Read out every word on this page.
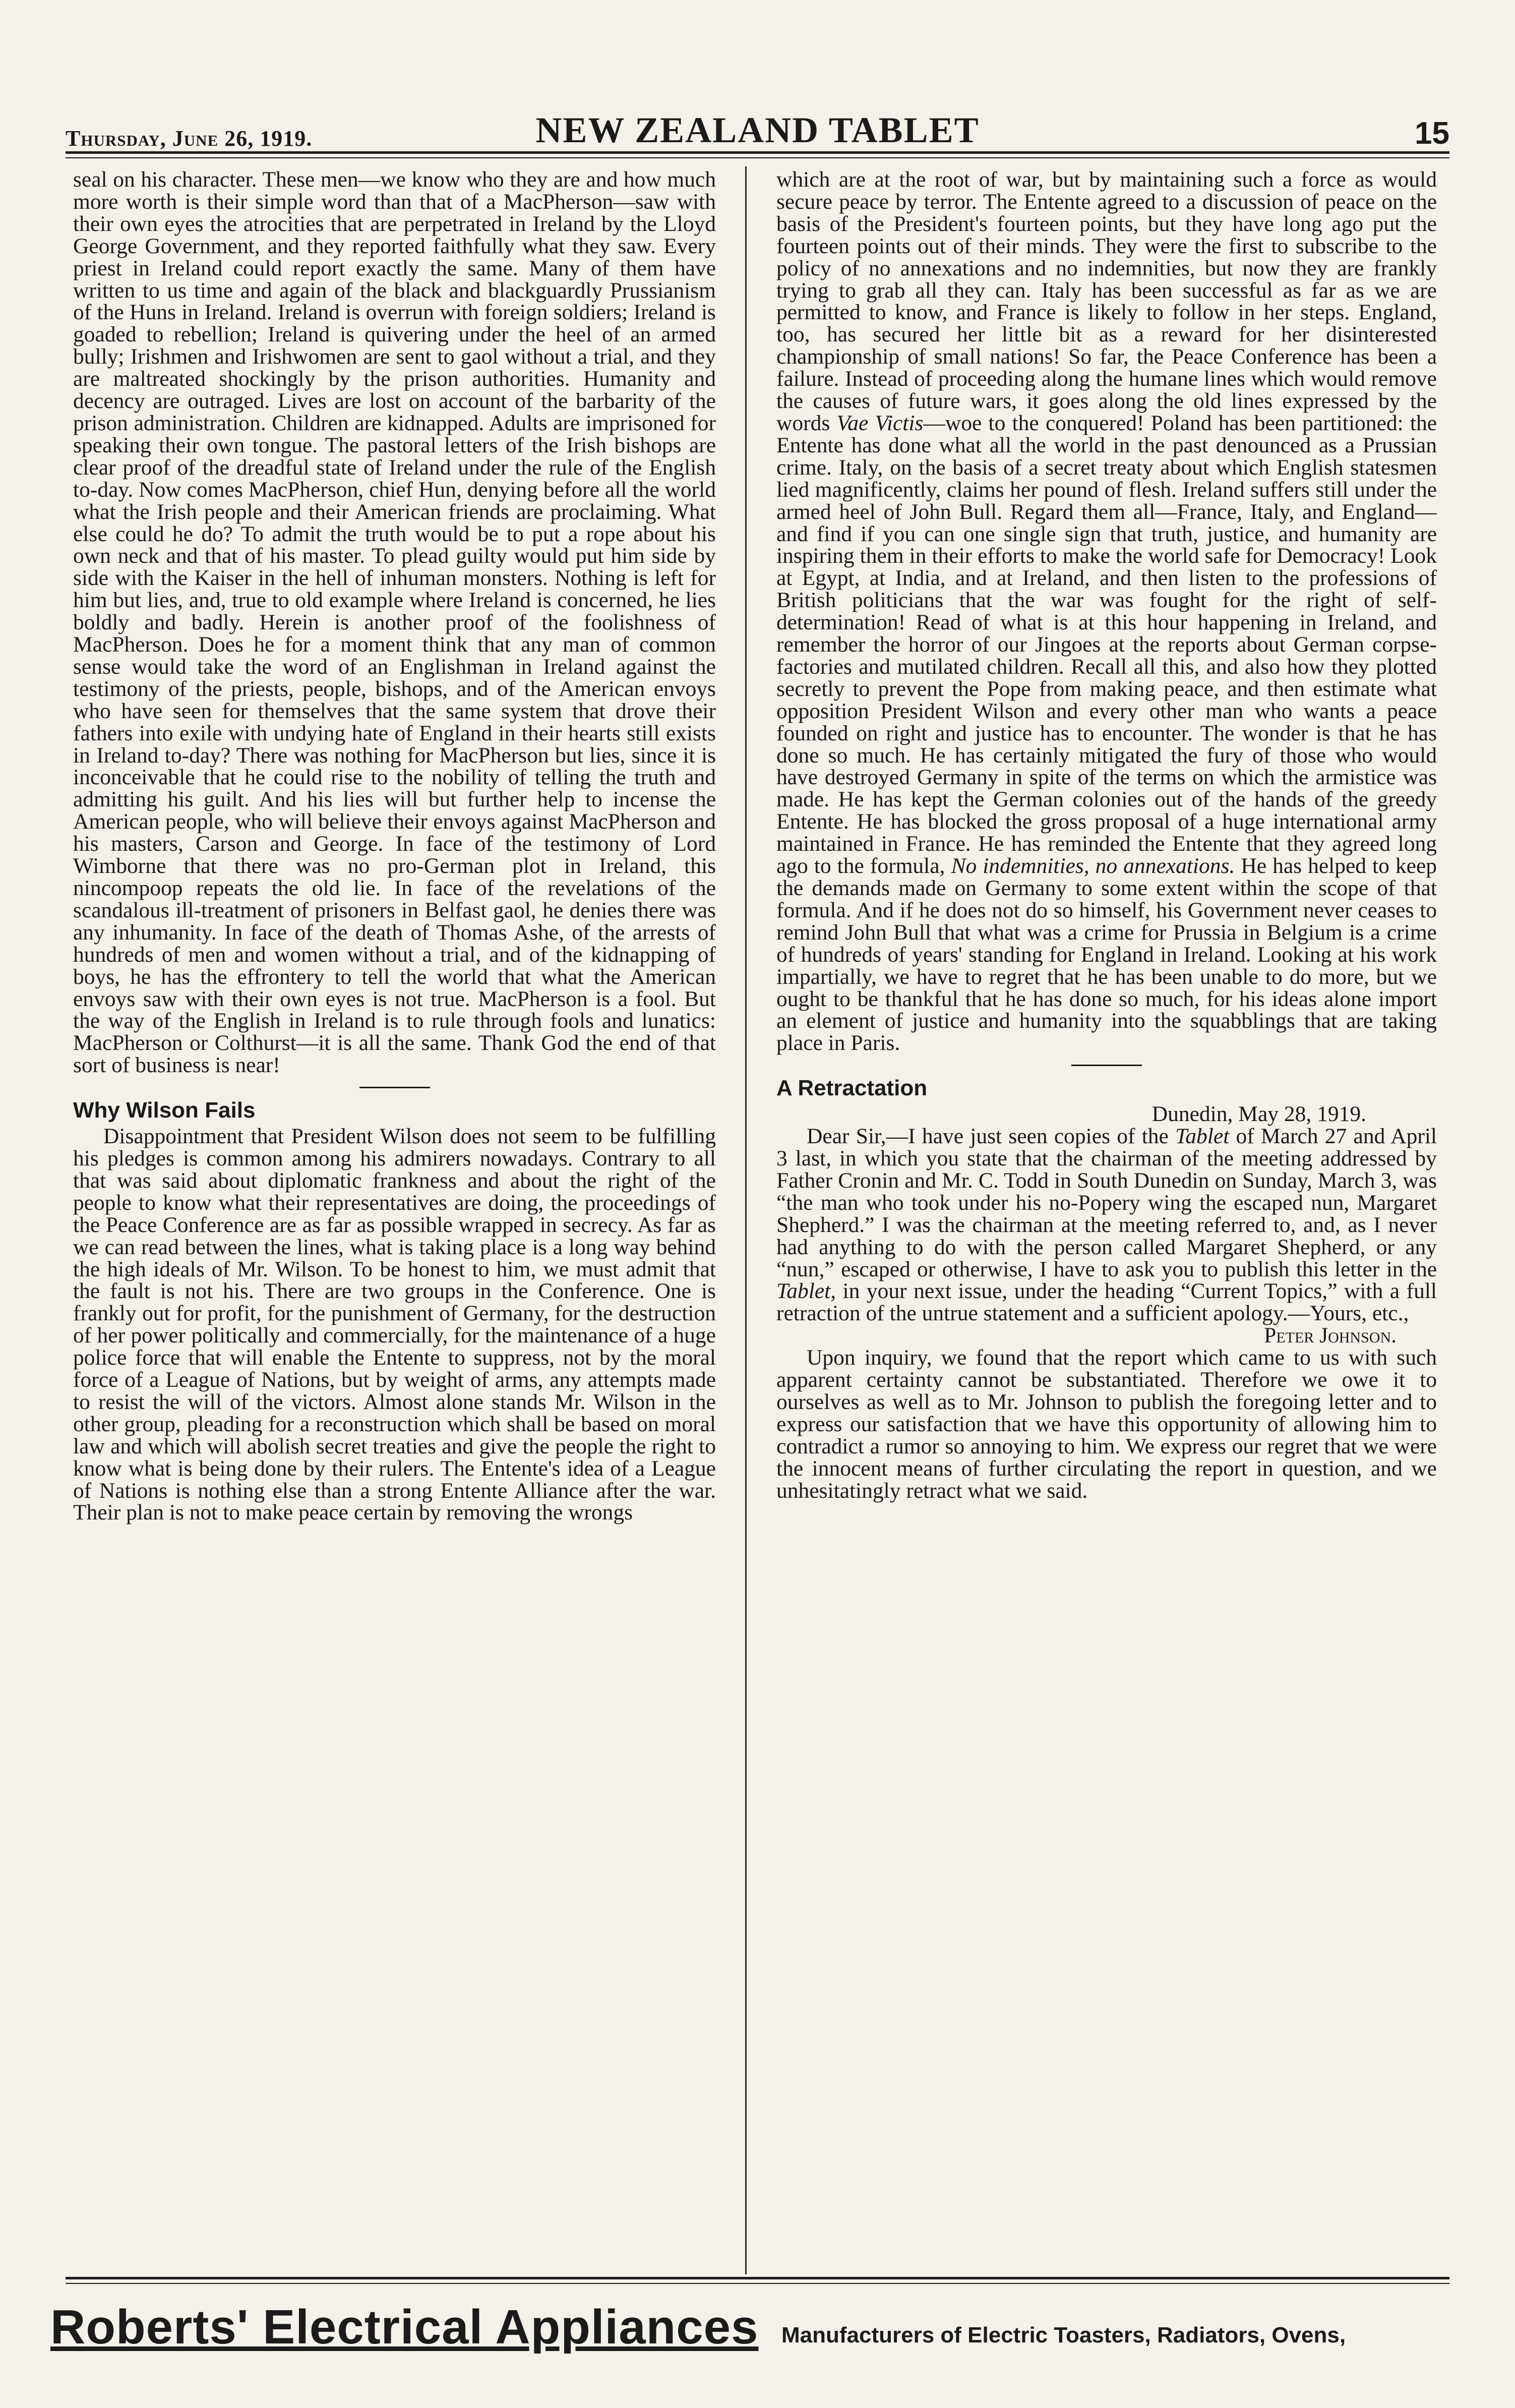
Thursday, June 26, 1919.	NEW ZEALAND TABLET	15

seal on his character. These men—we know who they are and how much more worth is their simple word than that of a MacPherson—saw with their own eyes the atrocities that are perpetrated in Ireland by the Lloyd George Government, and they reported faithfully what they saw. Every priest in Ireland could report exactly the same. Many of them have written to us time and again of the black and blackguardly Prussianism of the Huns in Ireland. Ireland is overrun with foreign soldiers; Ireland is goaded to rebellion; Ireland is quivering under the heel of an armed bully; Irishmen and Irishwomen are sent to gaol without a trial, and they are maltreated shockingly by the prison authorities. Humanity and decency are outraged. Lives are lost on account of the barbarity of the prison administration. Children are kidnapped. Adults are imprisoned for speaking their own tongue. The pastoral letters of the Irish bishops are clear proof of the dreadful state of Ireland under the rule of the English to-day. Now comes MacPherson, chief Hun, denying before all the world what the Irish people and their American friends are proclaiming. What else could he do? To admit the truth would be to put a rope about his own neck and that of his master. To plead guilty would put him side by side with the Kaiser in the hell of inhuman monsters. Nothing is left for him but lies, and, true to old example where Ireland is concerned, he lies boldly and badly. Herein is another proof of the foolishness of MacPherson. Does he for a moment think that any man of common sense would take the word of an Englishman in Ireland against the testimony of the priests, people, bishops, and of the American envoys who have seen for themselves that the same system that drove their fathers into exile with undying hate of England in their hearts still exists in Ireland to-day? There was nothing for MacPherson but lies, since it is inconceivable that he could rise to the nobility of telling the truth and admitting his guilt. And his lies will but further help to incense the American people, who will believe their envoys against MacPherson and his masters, Carson and George. In face of the testimony of Lord Wimborne that there was no pro-German plot in Ireland, this nincompoop repeats the old lie. In face of the revelations of the scandalous ill-treatment of prisoners in Belfast gaol, he denies there was any inhumanity. In face of the death of Thomas Ashe, of the arrests of hundreds of men and women without a trial, and of the kidnapping of boys, he has the effrontery to tell the world that what the American envoys saw with their own eyes is not true. MacPherson is a fool. But the way of the English in Ireland is to rule through fools and lunatics: MacPherson or Colthurst—it is all the same. Thank God the end of that sort of business is near!

Why Wilson Fails

Disappointment that President Wilson does not seem to be fulfilling his pledges is common among his admirers nowadays. Contrary to all that was said about diplomatic frankness and about the right of the people to know what their representatives are doing, the proceedings of the Peace Conference are as far as possible wrapped in secrecy. As far as we can read between the lines, what is taking place is a long way behind the high ideals of Mr. Wilson. To be honest to him, we must admit that the fault is not his. There are two groups in the Conference. One is frankly out for profit, for the punishment of Germany, for the destruction of her power politically and commercially, for the maintenance of a huge police force that will enable the Entente to suppress, not by the moral force of a League of Nations, but by weight of arms, any attempts made to resist the will of the victors. Almost alone stands Mr. Wilson in the other group, pleading for a reconstruction which shall be based on moral law and which will abolish secret treaties and give the people the right to know what is being done by their rulers. The Entente's idea of a League of Nations is nothing else than a strong Entente Alliance after the war. Their plan is not to make peace certain by removing the wrongs

which are at the root of war, but by maintaining such a force as would secure peace by terror. The Entente agreed to a discussion of peace on the basis of the President's fourteen points, but they have long ago put the fourteen points out of their minds. They were the first to subscribe to the policy of no annexations and no indemnities, but now they are frankly trying to grab all they can. Italy has been successful as far as we are permitted to know, and France is likely to follow in her steps. England, too, has secured her little bit as a reward for her disinterested championship of small nations! So far, the Peace Conference has been a failure. Instead of proceeding along the humane lines which would remove the causes of future wars, it goes along the old lines expressed by the words Vae Victis—woe to the conquered! Poland has been partitioned: the Entente has done what all the world in the past denounced as a Prussian crime. Italy, on the basis of a secret treaty about which English statesmen lied magnificently, claims her pound of flesh. Ireland suffers still under the armed heel of John Bull. Regard them all—France, Italy, and England—and find if you can one single sign that truth, justice, and humanity are inspiring them in their efforts to make the world safe for Democracy! Look at Egypt, at India, and at Ireland, and then listen to the professions of British politicians that the war was fought for the right of self-determination! Read of what is at this hour happening in Ireland, and remember the horror of our Jingoes at the reports about German corpse-factories and mutilated children. Recall all this, and also how they plotted secretly to prevent the Pope from making peace, and then estimate what opposition President Wilson and every other man who wants a peace founded on right and justice has to encounter. The wonder is that he has done so much. He has certainly mitigated the fury of those who would have destroyed Germany in spite of the terms on which the armistice was made. He has kept the German colonies out of the hands of the greedy Entente. He has blocked the gross proposal of a huge international army maintained in France. He has reminded the Entente that they agreed long ago to the formula, No indemnities, no annexations. He has helped to keep the demands made on Germany to some extent within the scope of that formula. And if he does not do so himself, his Government never ceases to remind John Bull that what was a crime for Prussia in Belgium is a crime of hundreds of years' standing for England in Ireland. Looking at his work impartially, we have to regret that he has been unable to do more, but we ought to be thankful that he has done so much, for his ideas alone import an element of justice and humanity into the squabblings that are taking place in Paris.

A Retractation

Dunedin, May 28, 1919.

Dear Sir,—I have just seen copies of the Tablet of March 27 and April 3 last, in which you state that the chairman of the meeting addressed by Father Cronin and Mr. C. Todd in South Dunedin on Sunday, March 3, was “the man who took under his no-Popery wing the escaped nun, Margaret Shepherd.” I was the chairman at the meeting referred to, and, as I never had anything to do with the person called Margaret Shepherd, or any “nun,” escaped or otherwise, I have to ask you to publish this letter in the Tablet, in your next issue, under the heading “Current Topics,” with a full retraction of the untrue statement and a sufficient apology.—Yours, etc.,

Peter Johnson.

Upon inquiry, we found that the report which came to us with such apparent certainty cannot be substantiated. Therefore we owe it to ourselves as well as to Mr. Johnson to publish the foregoing letter and to express our satisfaction that we have this opportunity of allowing him to contradict a rumor so annoying to him. We express our regret that we were the innocent means of further circulating the report in question, and we unhesitatingly retract what we said.

Roberts' Electrical Appliances	Manufacturers of Electric Toasters, Radiators, Ovens,
